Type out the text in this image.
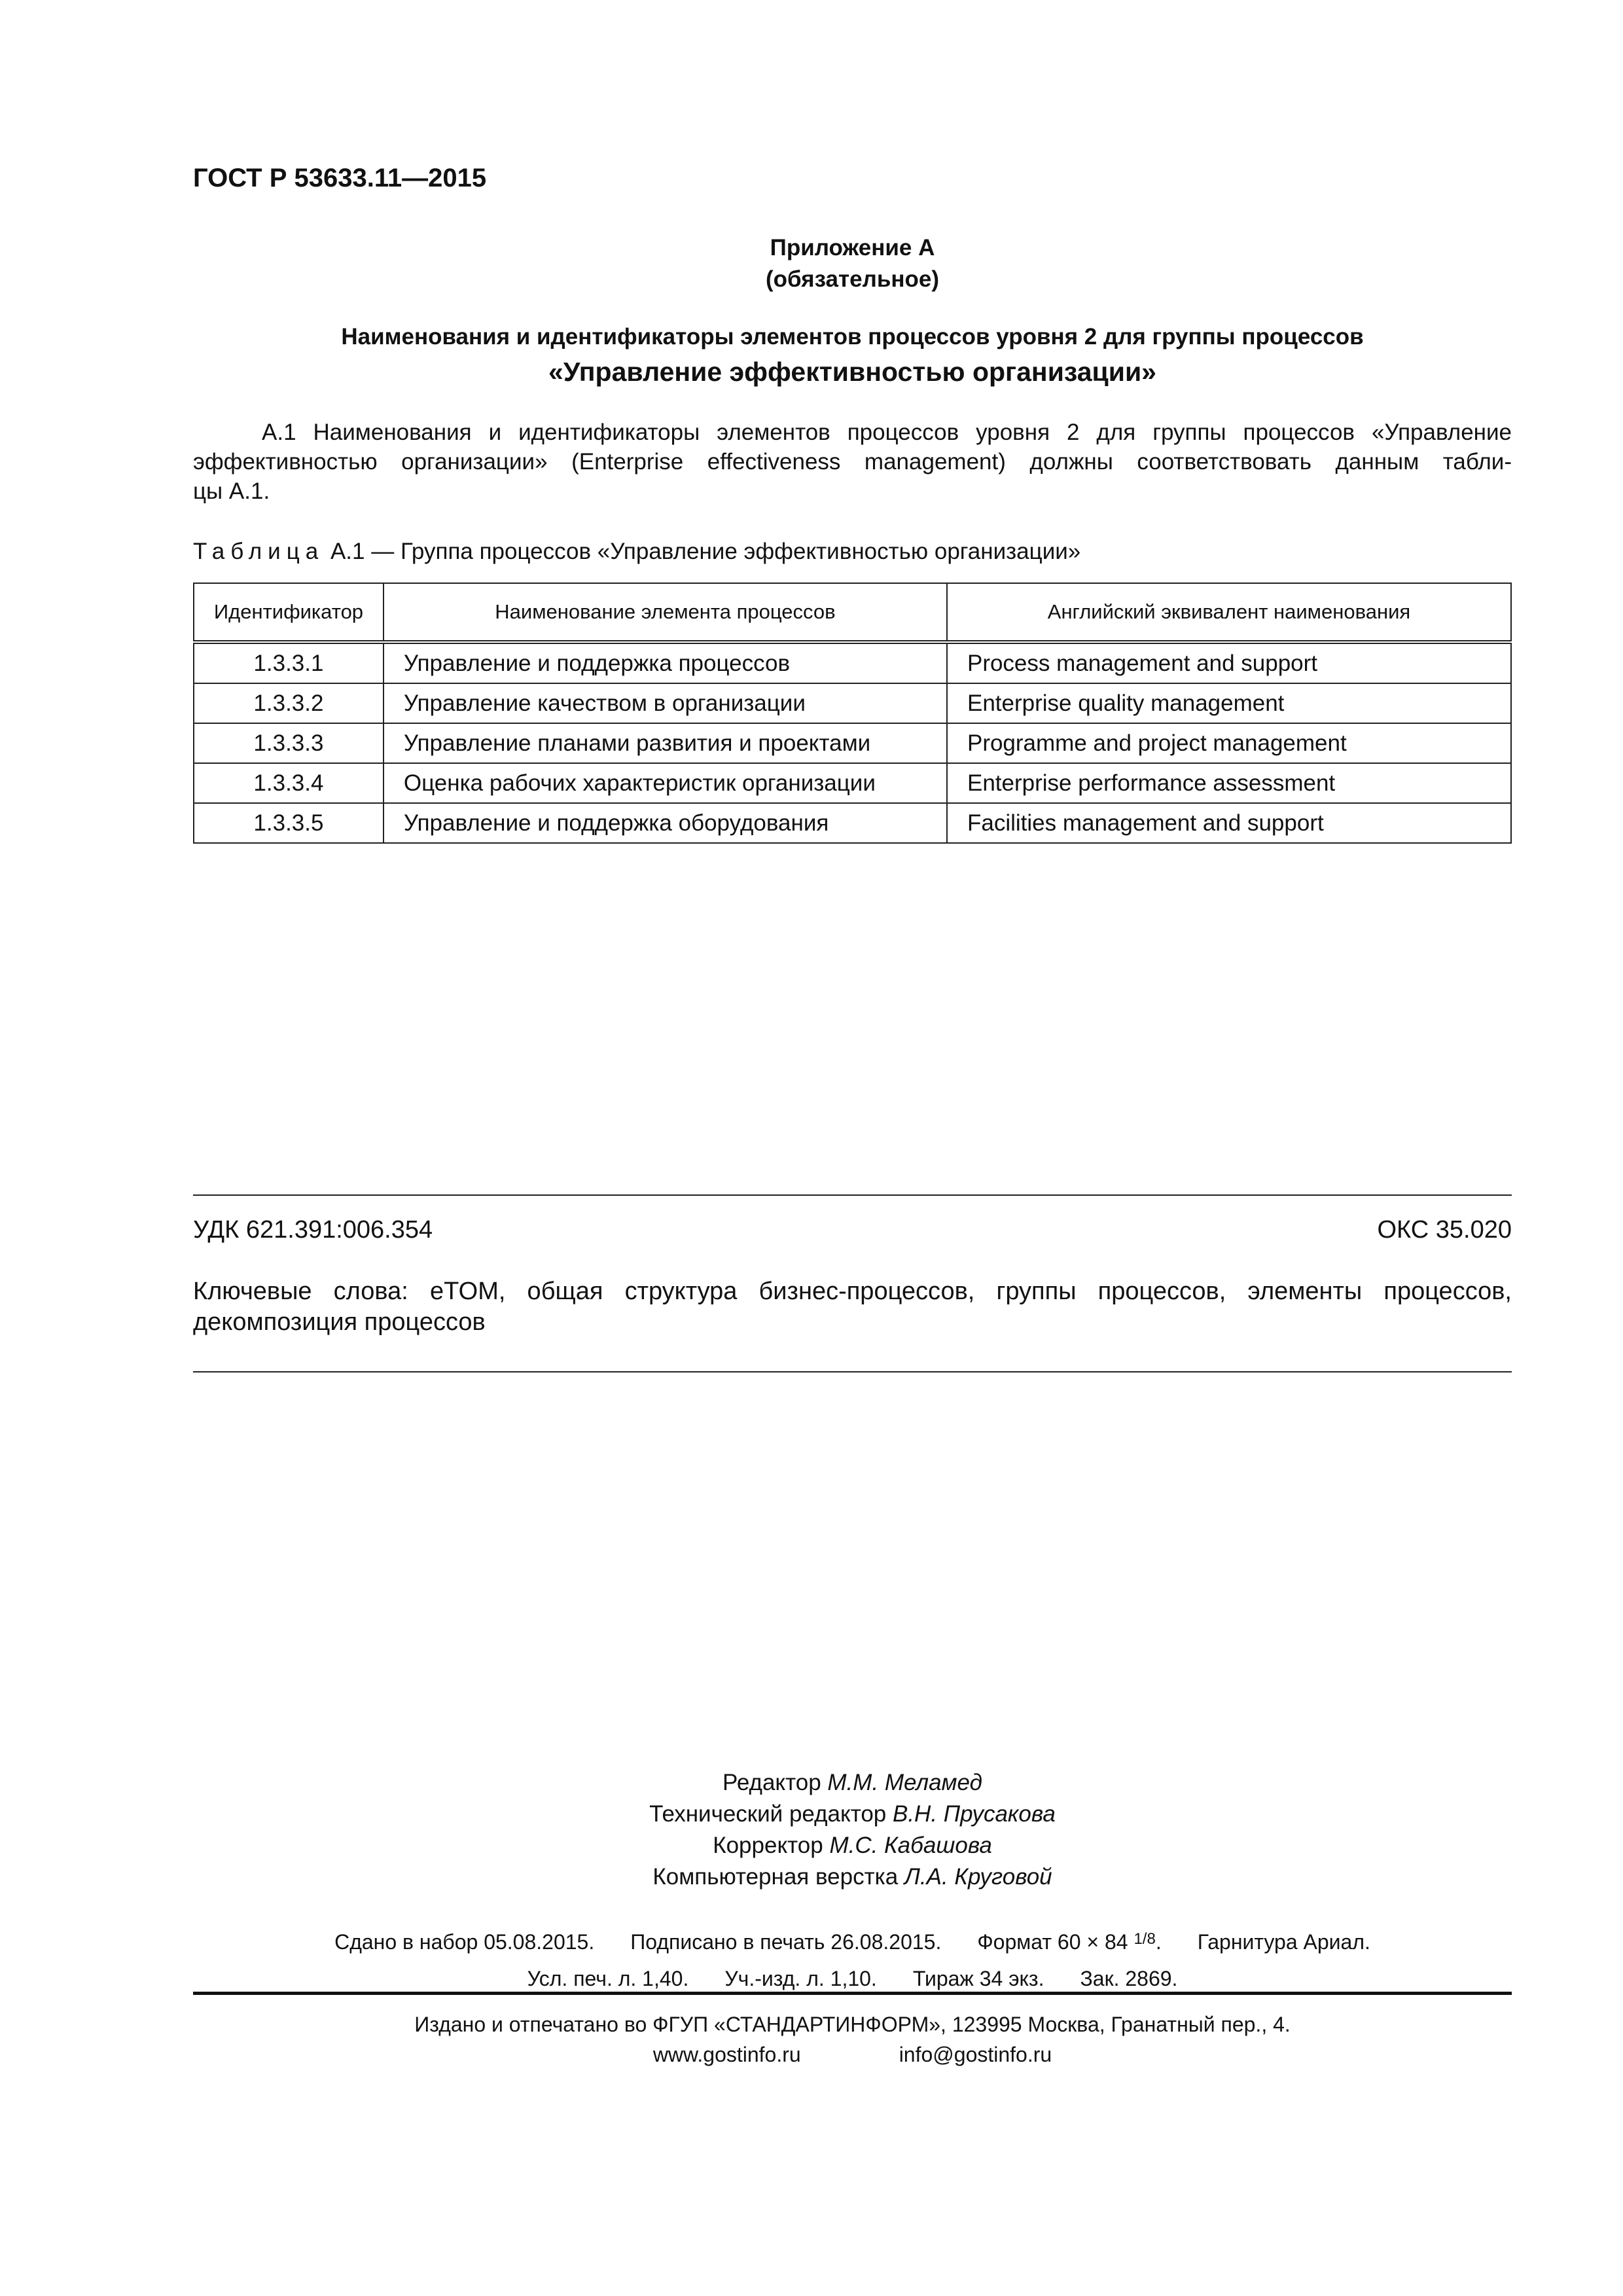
ГОСТ Р 53633.11—2015
Приложение А
(обязательное)
Наименования и идентификаторы элементов процессов уровня 2 для группы процессов
«Управление эффективностью организации»
А.1 Наименования и идентификаторы элементов процессов уровня 2 для группы процессов «Управление
эффективностью организации» (Enterprise effectiveness management) должны соответствовать данным табли-
цы А.1.
Таблица А.1 — Группа процессов «Управление эффективностью организации»
Идентификатор	Наименование элемента процессов	Английский эквивалент наименования
1.3.3.1	Управление и поддержка процессов	Process management and support
1.3.3.2	Управление качеством в организации	Enterprise quality management
1.3.3.3	Управление планами развития и проектами	Programme and project management
1.3.3.4	Оценка рабочих характеристик организации	Enterprise performance assessment
1.3.3.5	Управление и поддержка оборудования	Facilities management and support
УДК 621.391:006.354	ОКС 35.020
Ключевые слова: eTOM, общая структура бизнес-процессов, группы процессов, элементы процессов,
декомпозиция процессов
Редактор М.М. Меламед
Технический редактор В.Н. Прусакова
Корректор М.С. Кабашова
Компьютерная верстка Л.А. Круговой
Сдано в набор 05.08.2015. Подписано в печать 26.08.2015. Формат 60 × 84 $^{1/8}$. Гарнитура Ариал.
Усл. печ. л. 1,40. Уч.-изд. л. 1,10. Тираж 34 экз. Зак. 2869.
Издано и отпечатано во ФГУП «СТАНДАРТИНФОРМ», 123995 Москва, Гранатный пер., 4.
www.gostinfo.ru	info@gostinfo.ru
